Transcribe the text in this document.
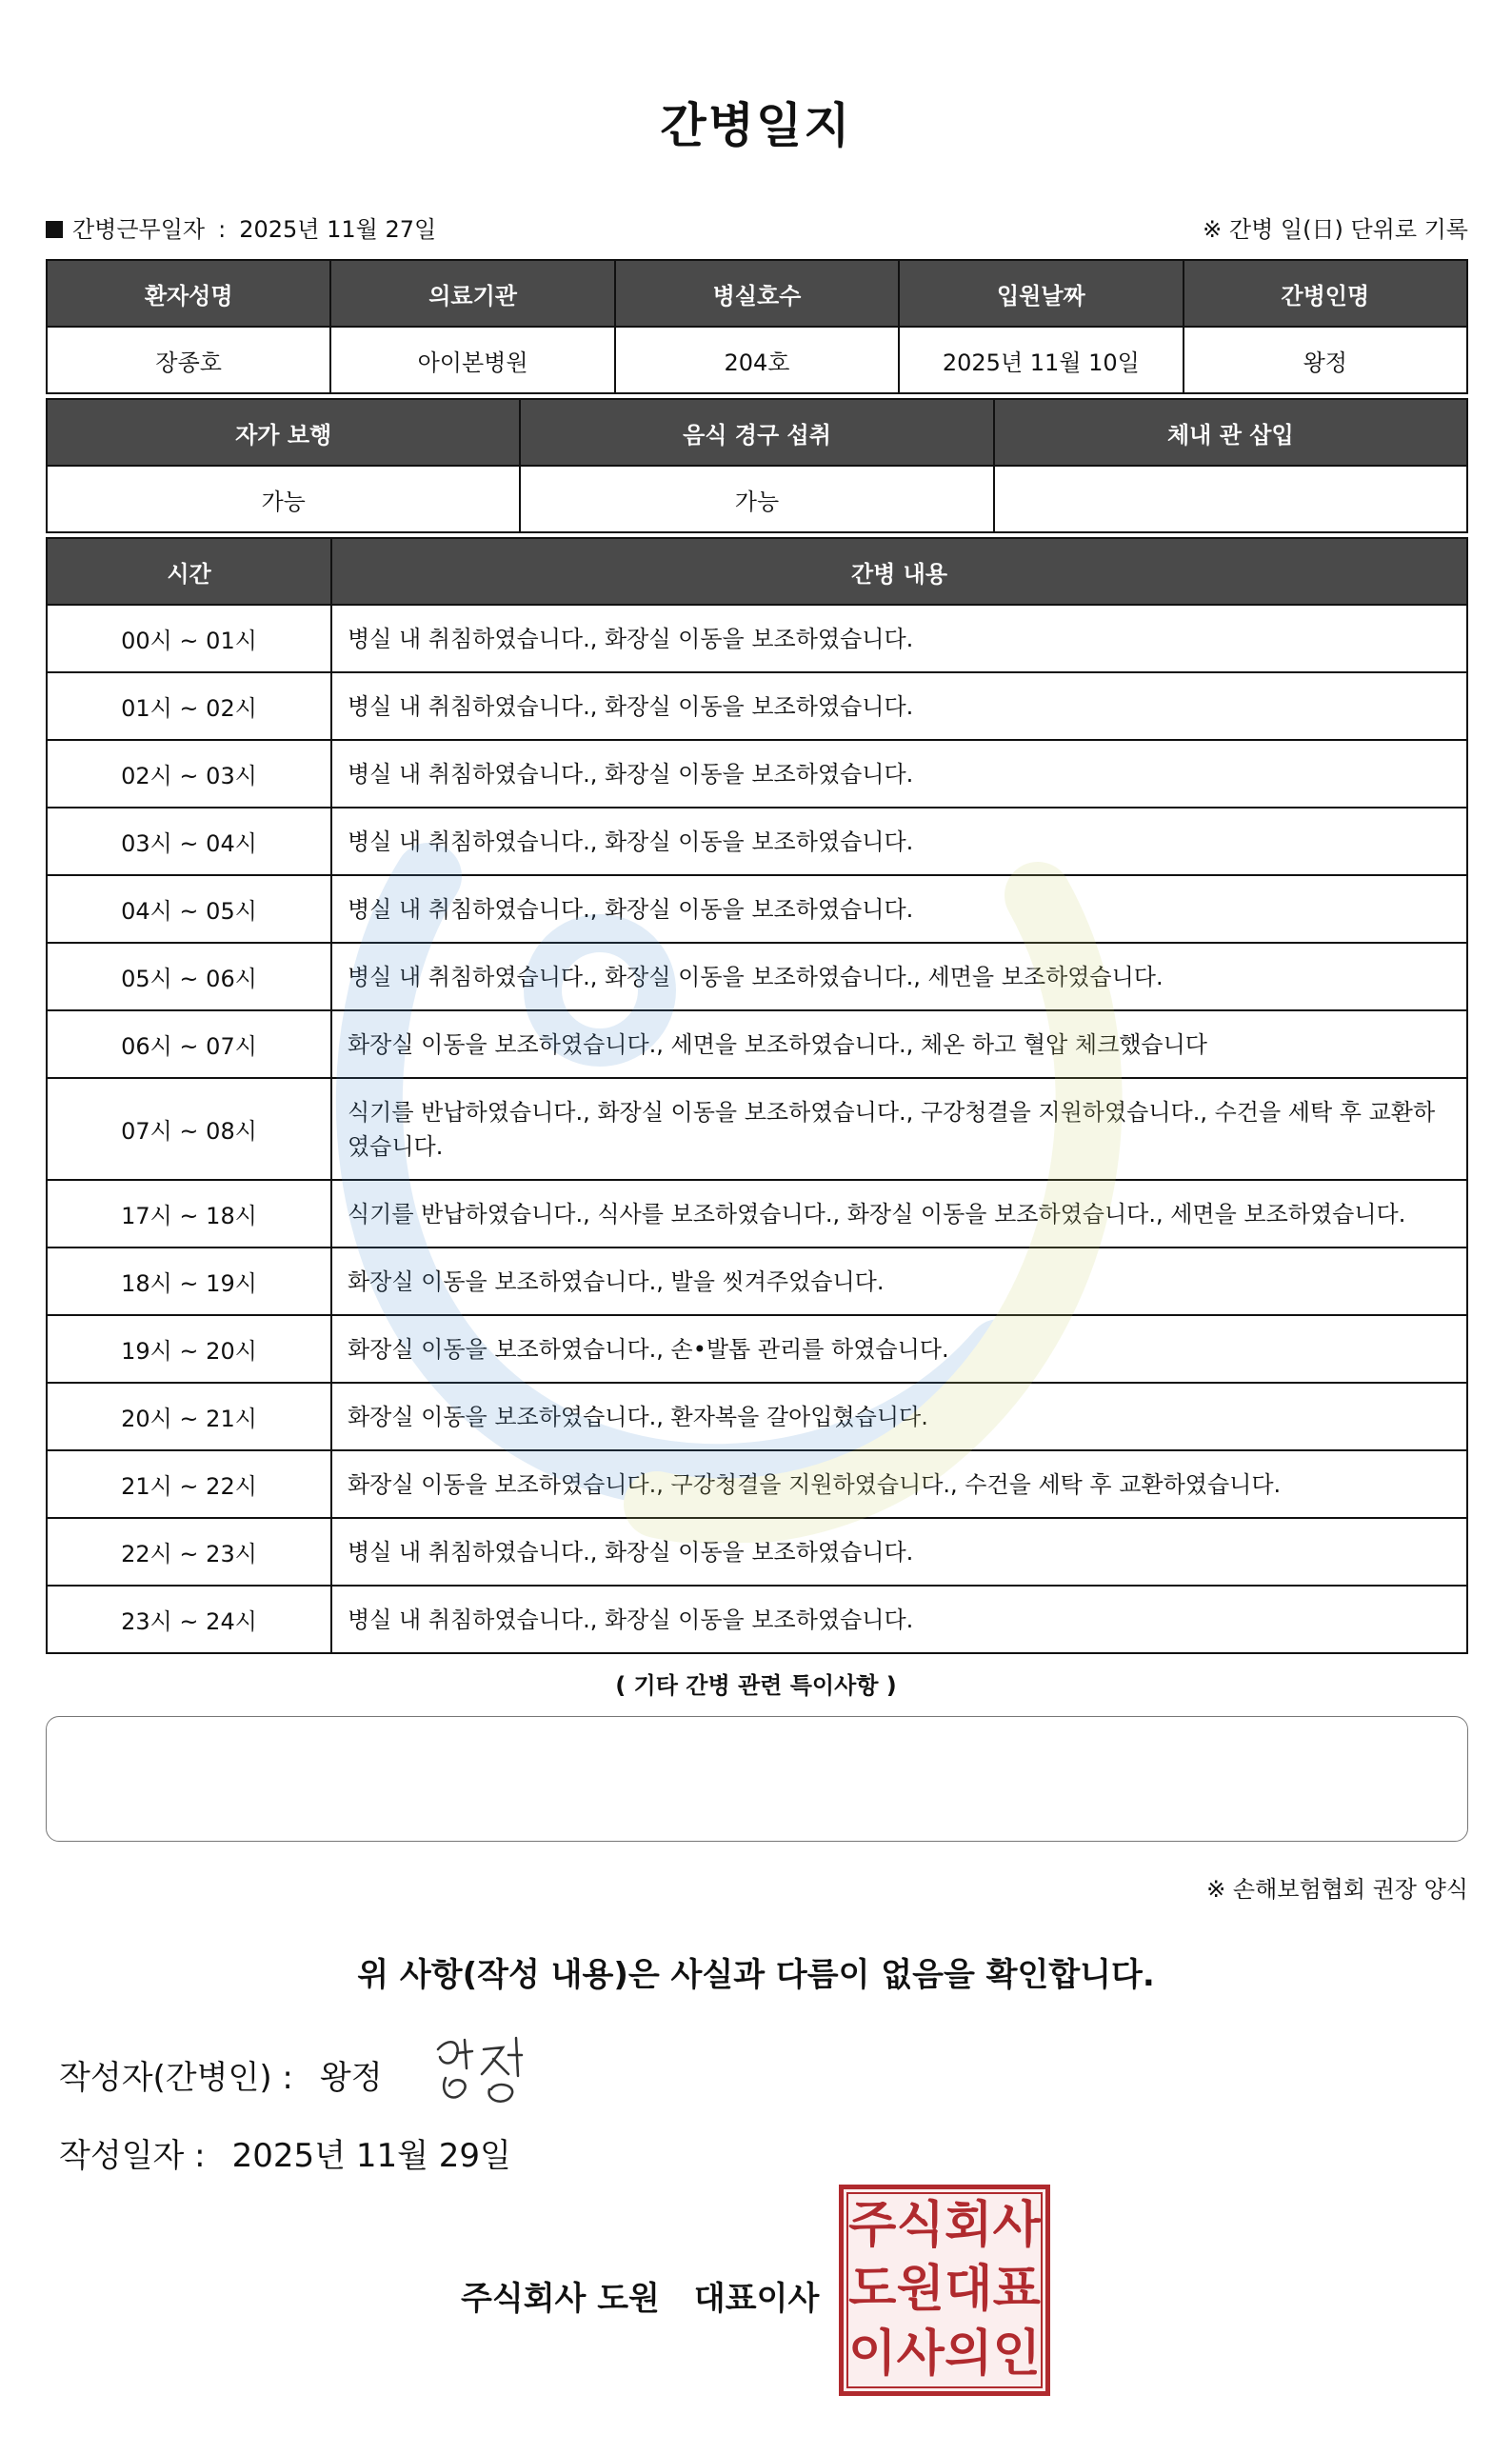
간병일지
간병근무일자 : 2025년 11월 27일	※ 간병 일(日) 단위로 기록
환자성명	의료기관	병실호수	입원날짜	간병인명
장종호	아이본병원	204호	2025년 11월 10일	왕정
자가 보행	음식 경구 섭취	체내 관 삽입
가능	가능	
시간	간병 내용
00시 ~ 01시	병실 내 취침하였습니다., 화장실 이동을 보조하였습니다.
01시 ~ 02시	병실 내 취침하였습니다., 화장실 이동을 보조하였습니다.
02시 ~ 03시	병실 내 취침하였습니다., 화장실 이동을 보조하였습니다.
03시 ~ 04시	병실 내 취침하였습니다., 화장실 이동을 보조하였습니다.
04시 ~ 05시	병실 내 취침하였습니다., 화장실 이동을 보조하였습니다.
05시 ~ 06시	병실 내 취침하였습니다., 화장실 이동을 보조하였습니다., 세면을 보조하였습니다.
06시 ~ 07시	화장실 이동을 보조하였습니다., 세면을 보조하였습니다., 체온 하고 혈압 체크했습니다
07시 ~ 08시	식기를 반납하였습니다., 화장실 이동을 보조하였습니다., 구강청결을 지원하였습니다., 수건을 세탁 후 교환하였습니다.
17시 ~ 18시	식기를 반납하였습니다., 식사를 보조하였습니다., 화장실 이동을 보조하였습니다., 세면을 보조하였습니다.
18시 ~ 19시	화장실 이동을 보조하였습니다., 발을 씻겨주었습니다.
19시 ~ 20시	화장실 이동을 보조하였습니다., 손•발톱 관리를 하였습니다.
20시 ~ 21시	화장실 이동을 보조하였습니다., 환자복을 갈아입혔습니다.
21시 ~ 22시	화장실 이동을 보조하였습니다., 구강청결을 지원하였습니다., 수건을 세탁 후 교환하였습니다.
22시 ~ 23시	병실 내 취침하였습니다., 화장실 이동을 보조하였습니다.
23시 ~ 24시	병실 내 취침하였습니다., 화장실 이동을 보조하였습니다.
( 기타 간병 관련 특이사항 )
※ 손해보험협회 권장 양식
위 사항(작성 내용)은 사실과 다름이 없음을 확인합니다.
작성자(간병인) : 왕정
작성일자 : 2025년 11월 29일
주식회사 도원 대표이사
주 식 회 사
도 원 대 표
이 사 의 인
